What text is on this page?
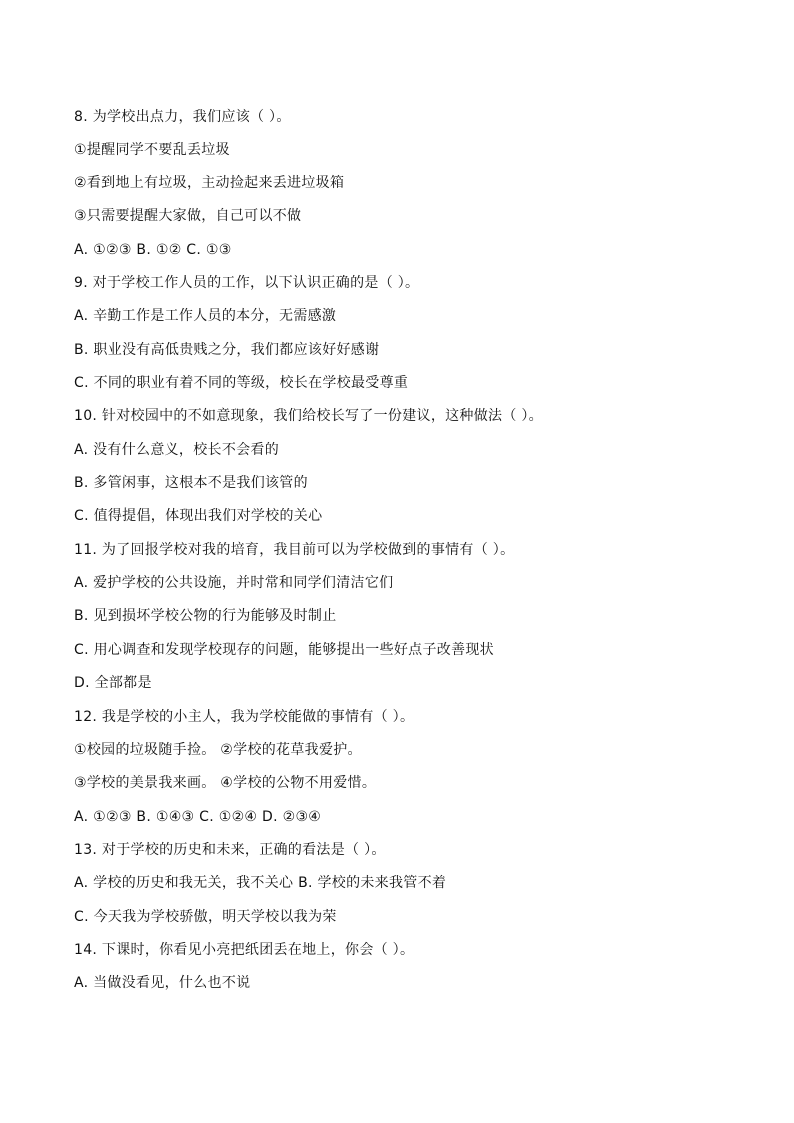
8. 为学校出点力，我们应该（ ）。
①提醒同学不要乱丢垃圾
②看到地上有垃圾，主动捡起来丢进垃圾箱
③只需要提醒大家做，自己可以不做
A. ①②③ B. ①② C. ①③
9. 对于学校工作人员的工作，以下认识正确的是（ ）。
A. 辛勤工作是工作人员的本分，无需感激
B. 职业没有高低贵贱之分，我们都应该好好感谢
C. 不同的职业有着不同的等级，校长在学校最受尊重
10. 针对校园中的不如意现象，我们给校长写了一份建议，这种做法（ ）。
A. 没有什么意义，校长不会看的
B. 多管闲事，这根本不是我们该管的
C. 值得提倡，体现出我们对学校的关心
11. 为了回报学校对我的培育，我目前可以为学校做到的事情有（ ）。
A. 爱护学校的公共设施，并时常和同学们清洁它们
B. 见到损坏学校公物的行为能够及时制止
C. 用心调查和发现学校现存的问题，能够提出一些好点子改善现状
D. 全部都是
12. 我是学校的小主人，我为学校能做的事情有（ ）。
①校园的垃圾随手捡。 ②学校的花草我爱护。
③学校的美景我来画。 ④学校的公物不用爱惜。
A. ①②③ B. ①④③ C. ①②④ D. ②③④
13. 对于学校的历史和未来，正确的看法是（ ）。
A. 学校的历史和我无关，我不关心 B. 学校的未来我管不着
C. 今天我为学校骄傲，明天学校以我为荣
14. 下课时，你看见小亮把纸团丢在地上，你会（ ）。
A. 当做没看见，什么也不说
